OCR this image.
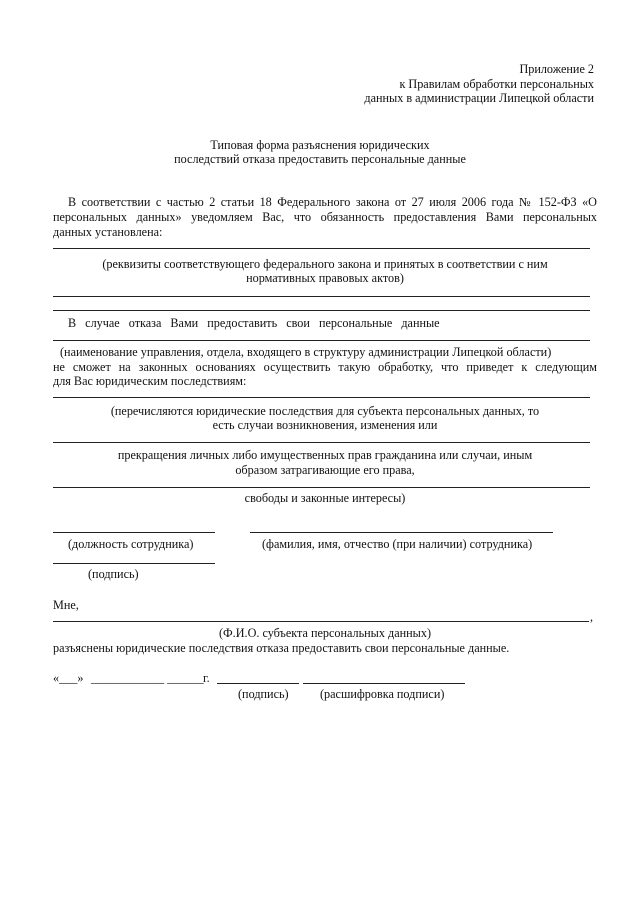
Приложение 2
к Правилам обработки персональных
данных в администрации Липецкой области
Типовая форма разъяснения юридических
последствий отказа предоставить персональные данные
В соответствии с частью 2 статьи 18 Федерального закона от 27 июля 2006 года № 152-ФЗ «О
персональных данных» уведомляем Вас, что обязанность предоставления Вами персональных
данных установлена:
(реквизиты соответствующего федерального закона и принятых в соответствии с ним
нормативных правовых актов)
В случае отказа Вами предоставить свои персональные данные
(наименование управления, отдела, входящего в структуру администрации Липецкой области)
не сможет на законных основаниях осуществить такую обработку, что приведет к следующим
для Вас юридическим последствиям:
(перечисляются юридические последствия для субъекта персональных данных, то
есть случаи возникновения, изменения или
прекращения личных либо имущественных прав гражданина или случаи, иным
образом затрагивающие его права,
свободы и законные интересы)
(должность сотрудника)	(фамилия, имя, отчество (при наличии) сотрудника)
(подпись)
Мне,
,
(Ф.И.О. субъекта персональных данных)
разъяснены юридические последствия отказа предоставить свои персональные данные.
«___» ____________ ______ г.
(подпись)	(расшифровка подписи)
